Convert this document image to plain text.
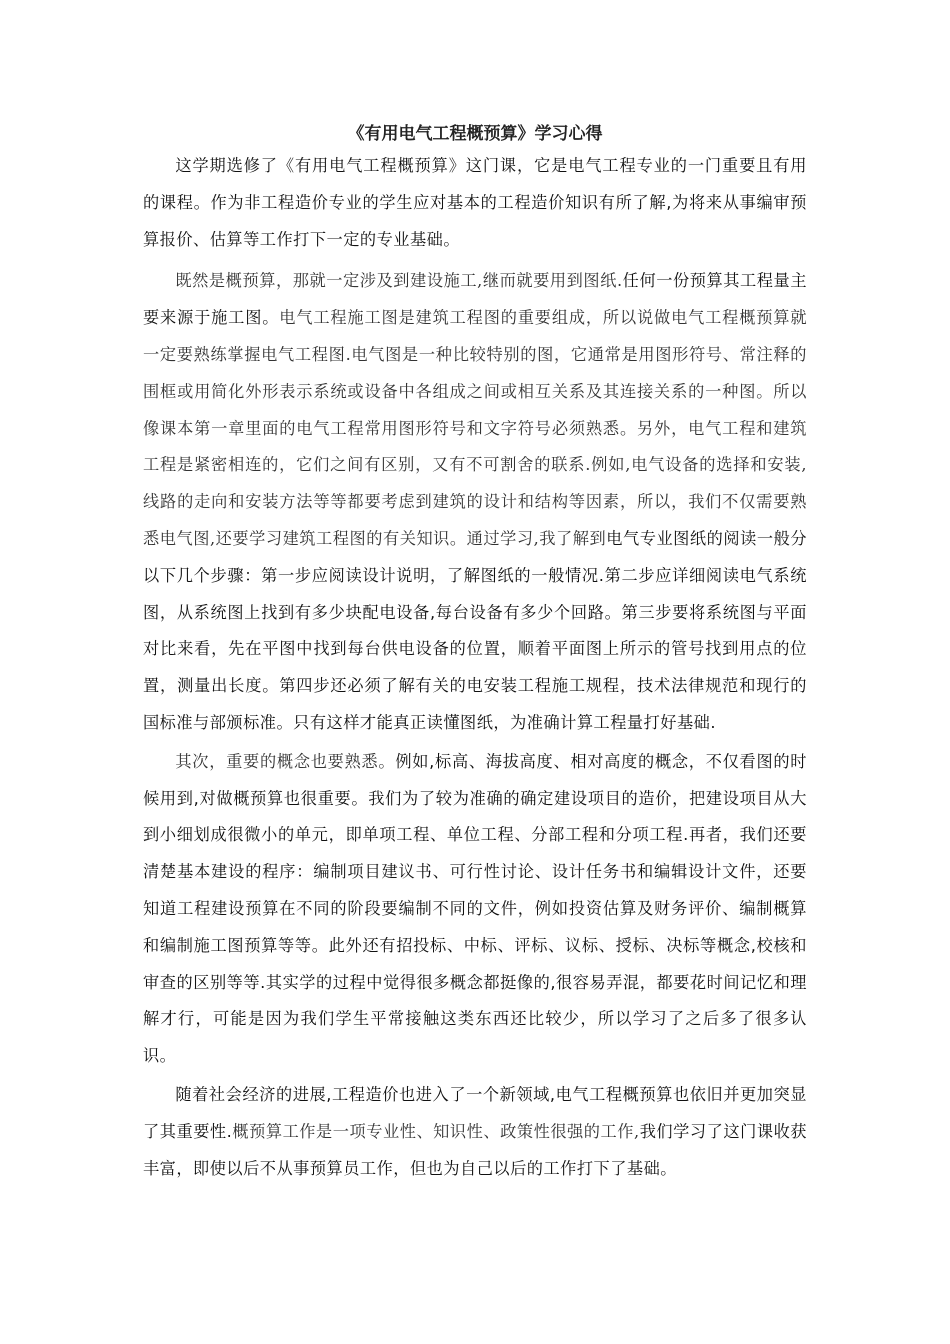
《有用电气工程概预算》学习心得

这学期选修了《有用电气工程概预算》这门课，它是电气工程专业的一门重要且有用的课程。作为非工程造价专业的学生应对基本的工程造价知识有所了解,为将来从事编审预算报价、估算等工作打下一定的专业基础。

既然是概预算，那就一定涉及到建设施工,继而就要用到图纸.任何一份预算其工程量主要来源于施工图。电气工程施工图是建筑工程图的重要组成，所以说做电气工程概预算就一定要熟练掌握电气工程图.电气图是一种比较特别的图，它通常是用图形符号、常注释的围框或用简化外形表示系统或设备中各组成之间或相互关系及其连接关系的一种图。所以像课本第一章里面的电气工程常用图形符号和文字符号必须熟悉。另外，电气工程和建筑工程是紧密相连的，它们之间有区别，又有不可割舍的联系.例如,电气设备的选择和安装,线路的走向和安装方法等等都要考虑到建筑的设计和结构等因素，所以，我们不仅需要熟悉电气图,还要学习建筑工程图的有关知识。通过学习,我了解到电气专业图纸的阅读一般分以下几个步骤：第一步应阅读设计说明，了解图纸的一般情况.第二步应详细阅读电气系统图，从系统图上找到有多少块配电设备,每台设备有多少个回路。第三步要将系统图与平面对比来看，先在平图中找到每台供电设备的位置，顺着平面图上所示的管号找到用点的位置，测量出长度。第四步还必须了解有关的电安装工程施工规程，技术法律规范和现行的国标准与部颁标准。只有这样才能真正读懂图纸，为准确计算工程量打好基础.

其次，重要的概念也要熟悉。例如,标高、海拔高度、相对高度的概念，不仅看图的时候用到,对做概预算也很重要。我们为了较为准确的确定建设项目的造价，把建设项目从大到小细划成很微小的单元，即单项工程、单位工程、分部工程和分项工程.再者，我们还要清楚基本建设的程序：编制项目建议书、可行性讨论、设计任务书和编辑设计文件，还要知道工程建设预算在不同的阶段要编制不同的文件，例如投资估算及财务评价、编制概算和编制施工图预算等等。此外还有招投标、中标、评标、议标、授标、决标等概念,校核和审查的区别等等.其实学的过程中觉得很多概念都挺像的,很容易弄混，都要花时间记忆和理解才行，可能是因为我们学生平常接触这类东西还比较少，所以学习了之后多了很多认识。

随着社会经济的进展,工程造价也进入了一个新领域,电气工程概预算也依旧并更加突显了其重要性.概预算工作是一项专业性、知识性、政策性很强的工作,我们学习了这门课收获丰富，即使以后不从事预算员工作，但也为自己以后的工作打下了基础。
